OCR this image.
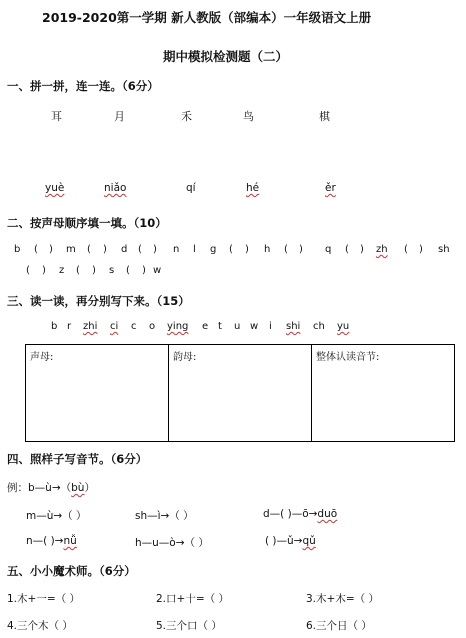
2019-2020第一学期 新人教版（部编本）一年级语文上册
期中模拟检测题（二）
一、拼一拼，连一连。（6分）
耳	月	禾	鸟	棋
yuè	niǎo	qí	hé	ěr
二、按声母顺序填一填。（10）
b ( ) m ( ) d ( ) n l g ( ) h ( ) q ( ) zh ( ) sh
( ) z ( ) s ( ) w
三、读一读，再分别写下来。（15）
b r zhi ci c o ying e t u w i shi ch yu
声母:	韵母:	整体认读音节:
四、照样子写音节。（6分）
例：b—ù→（bù）
m—ù→（ ）	sh—ì→（ ）	d—( )—ō→duō
n—( )→nǚ	h—u—ò→（ ）	( )—ǔ→qǔ
五、小小魔术师。（6分）
1.木+一=（ ）	2.口+十=（ ）	3.木+木=（ ）
4.三个木（ ）	5.三个口（ ）	6.三个日（ ）
